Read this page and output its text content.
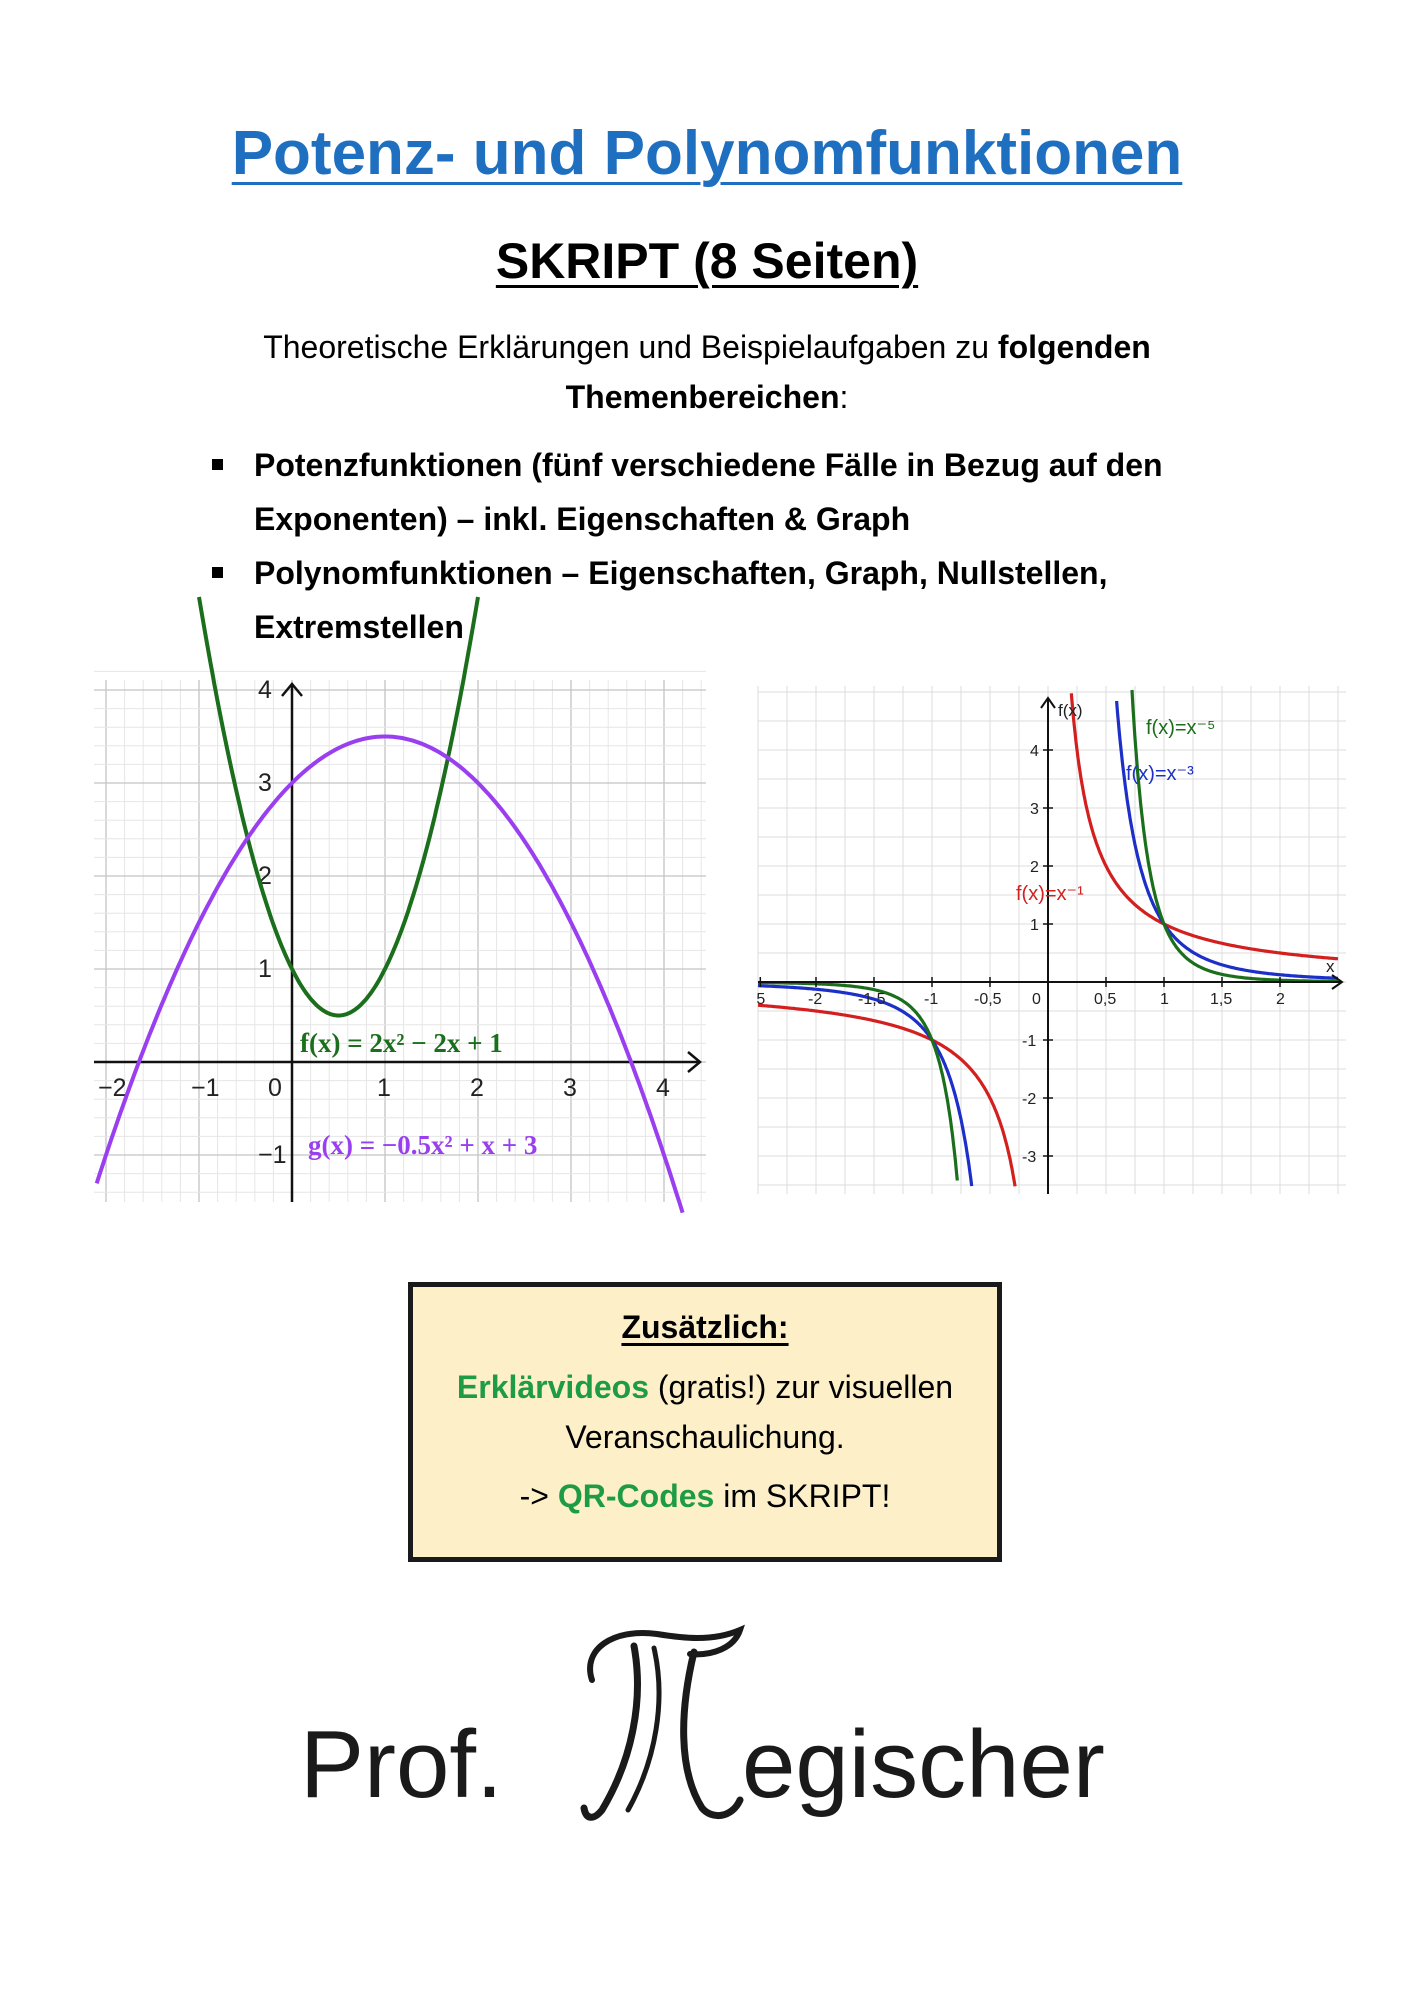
Potenz- und Polynomfunktionen
SKRIPT (8 Seiten)
Theoretische Erklärungen und Beispielaufgaben zu folgenden
Themenbereichen:
Potenzfunktionen (fünf verschiedene Fälle in Bezug auf den Exponenten) – inkl. Eigenschaften & Graph
Polynomfunktionen – Eigenschaften, Graph, Nullstellen, Extremstellen
−2	−1 0	1	2	3	4
−1
1
2
3
4
f(x) = 2x² − 2x + 1
g(x) = −0.5x² + x + 3
5	-2 -1,5 -1 -0,5 0	0,5	1	1,5	2
-3
-2
-1
1
2
3
4
x
f(x)
f(x)=x⁻⁵
f(x)=x⁻³
f(x)=x⁻¹
Zusätzlich:
Erklärvideos (gratis!) zur visuellen Veranschaulichung.
-> QR-Codes im SKRIPT!
Prof. egischer
